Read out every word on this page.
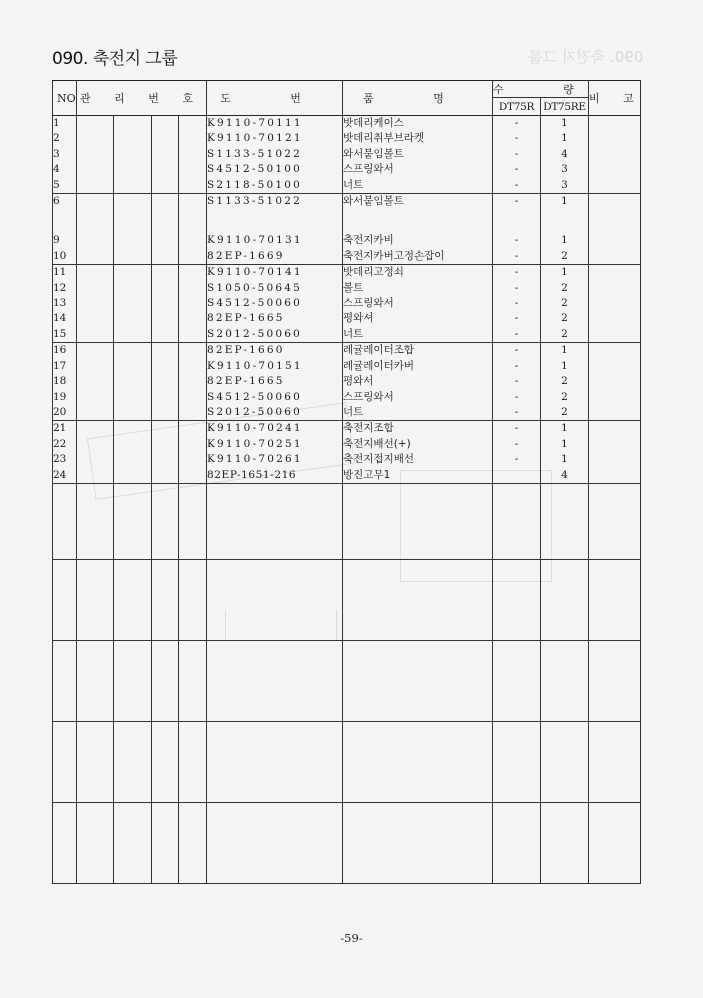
090. 축전지 그룹	090. 축전지 그룹
NO	관 리 번 호				도 번	품 명	수 량		비 고
							DT75R	DT75RE	
1					K9110-70111	밧데리케이스	-	1	
2					K9110-70121	밧데리취부브라켓	-	1	
3					S1133-51022	와서붙임볼트	-	4	
4					S4512-50100	스프링와서	-	3	
5					S2118-50100	너트	-	3	
6					S1133-51022	와서붙임볼트	-	1	

9					K9110-70131	축전지카비	-	1	
10					82EP-1669	축전지카버고정손잡이	-	2	
11					K9110-70141	밧데리고정쇠	-	1	
12					S1050-50645	볼트	-	2	
13					S4512-50060	스프링와서	-	2	
14					82EP-1665	평와셔	-	2	
15					S2012-50060	너트	-	2	
16					82EP-1660	레귤레이터조합	-	1	
17					K9110-70151	레귤레이터카버	-	1	
18					82EP-1665	평와서	-	2	
19					S4512-50060	스프링와서	-	2	
20					S2012-50060	너트	-	2	
21					K9110-70241	축전지조합	-	1	
22					K9110-70251	축전지배선(+)	-	1	
23					K9110-70261	축전지접지배선	-	1	
24					82EP-1651-216	방진고무1		4	

-59-
